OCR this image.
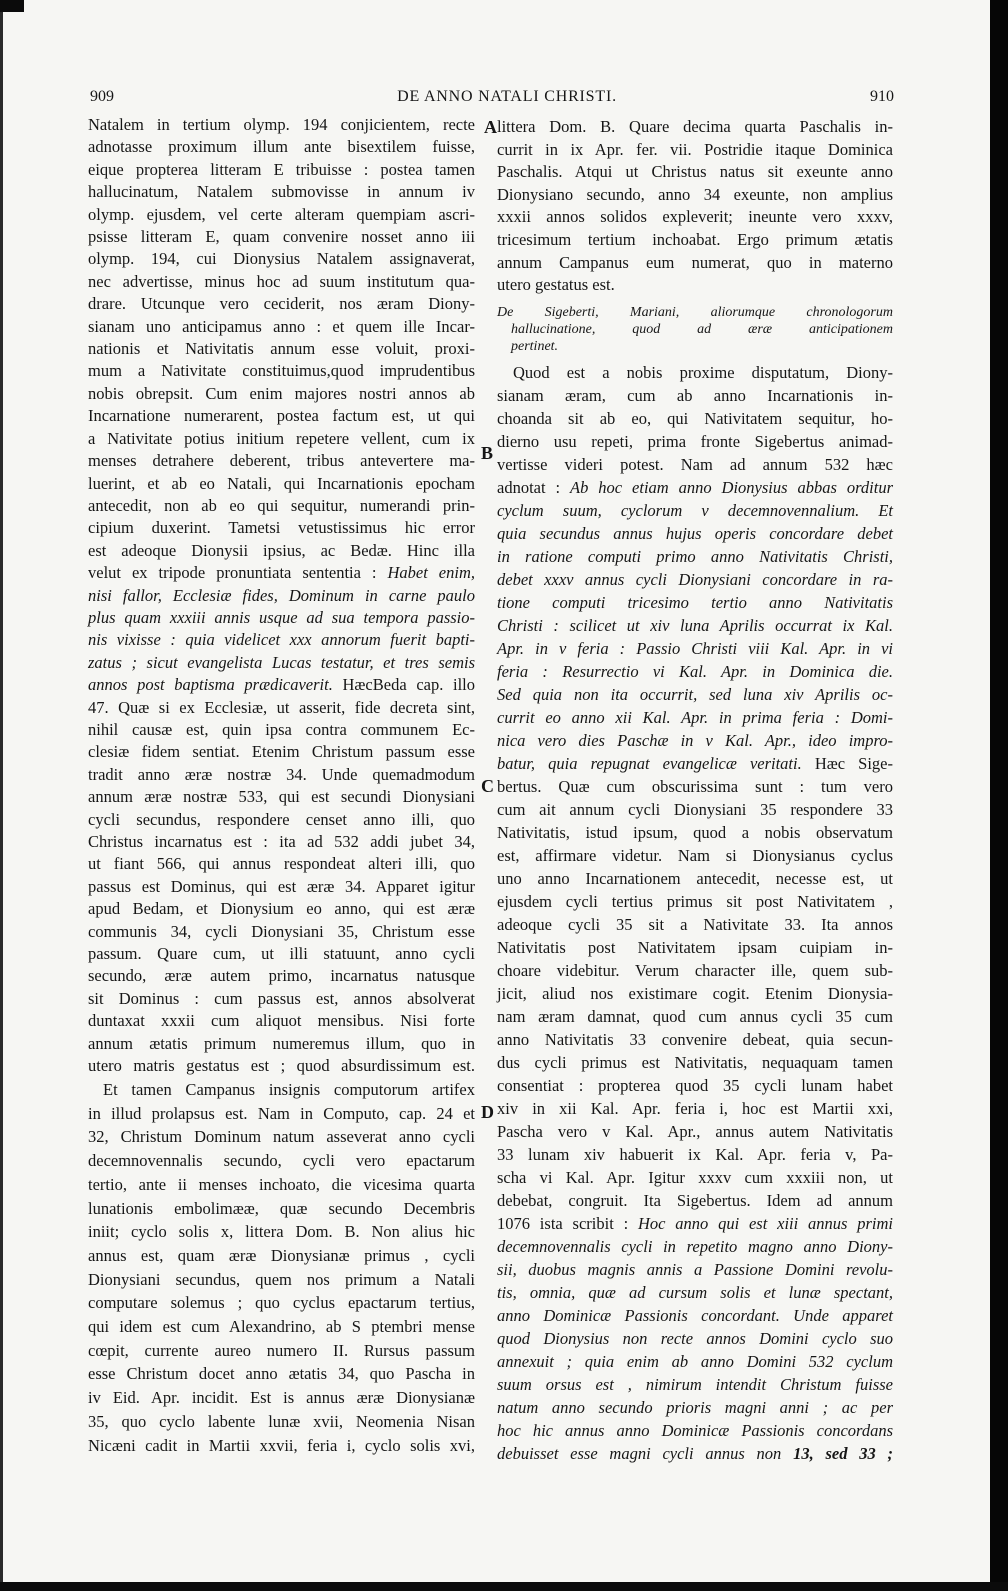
909	DE ANNO NATALI CHRISTI.	910
Natalem in tertium olymp. 194 conjicientem, recte
adnotasse proximum illum ante bisextilem fuisse,
eique propterea litteram E tribuisse : postea tamen
hallucinatum, Natalem submovisse in annum iv
olymp. ejusdem, vel certe alteram quempiam ascri-
psisse litteram E, quam convenire nosset anno iii
olymp. 194, cui Dionysius Natalem assignaverat,
nec advertisse, minus hoc ad suum institutum qua-
drare. Utcunque vero ceciderit, nos æram Diony-
sianam uno anticipamus anno : et quem ille Incar-
nationis et Nativitatis annum esse voluit, proxi-
mum a Nativitate constituimus,quod imprudentibus
nobis obrepsit. Cum enim majores nostri annos ab
Incarnatione numerarent, postea factum est, ut qui
a Nativitate potius initium repetere vellent, cum ix
menses detrahere deberent, tribus antevertere ma-
luerint, et ab eo Natali, qui Incarnationis epocham
antecedit, non ab eo qui sequitur, numerandi prin-
cipium duxerint. Tametsi vetustissimus hic error
est adeoque Dionysii ipsius, ac Bedæ. Hinc illa
velut ex tripode pronuntiata sententia : Habet enim,
nisi fallor, Ecclesiæ fides, Dominum in carne paulo
plus quam xxxiii annis usque ad sua tempora passio-
nis vixisse : quia videlicet xxx annorum fuerit bapti-
zatus ; sicut evangelista Lucas testatur, et tres semis
annos post baptisma prædicaverit. HæcBeda cap. illo
47. Quæ si ex Ecclesiæ, ut asserit, fide decreta sint,
nihil causæ est, quin ipsa contra communem Ec-
clesiæ fidem sentiat. Etenim Christum passum esse
tradit anno æræ nostræ 34. Unde quemadmodum
annum æræ nostræ 533, qui est secundi Dionysiani
cycli secundus, respondere censet anno illi, quo
Christus incarnatus est : ita ad 532 addi jubet 34,
ut fiant 566, qui annus respondeat alteri illi, quo
passus est Dominus, qui est æræ 34. Apparet igitur
apud Bedam, et Dionysium eo anno, qui est æræ
communis 34, cycli Dionysiani 35, Christum esse
passum. Quare cum, ut illi statuunt, anno cycli
secundo, æræ autem primo, incarnatus natusque
sit Dominus : cum passus est, annos absolverat
duntaxat xxxii cum aliquot mensibus. Nisi forte
annum ætatis primum numeremus illum, quo in
utero matris gestatus est ; quod absurdissimum est.
Et tamen Campanus insignis computorum artifex
in illud prolapsus est. Nam in Computo, cap. 24 et
32, Christum Dominum natum asseverat anno cycli
decemnovennalis secundo, cycli vero epactarum
tertio, ante ii menses inchoato, die vicesima quarta
lunationis embolimææ, quæ secundo Decembris
iniit; cyclo solis x, littera Dom. B. Non alius hic
annus est, quam æræ Dionysianæ primus , cycli
Dionysiani secundus, quem nos primum a Natali
computare solemus ; quo cyclus epactarum tertius,
qui idem est cum Alexandrino, ab S ptembri mense
cœpit, currente aureo numero II. Rursus passum
esse Christum docet anno ætatis 34, quo Pascha in
iv Eid. Apr. incidit. Est is annus æræ Dionysianæ
35, quo cyclo labente lunæ xvii, Neomenia Nisan
Nicæni cadit in Martii xxvii, feria i, cyclo solis xvi,
littera Dom. B. Quare decima quarta Paschalis in-
currit in ix Apr. fer. vii. Postridie itaque Dominica
Paschalis. Atqui ut Christus natus sit exeunte anno
Dionysiano secundo, anno 34 exeunte, non amplius
xxxii annos solidos expleverit; ineunte vero xxxv,
tricesimum tertium inchoabat. Ergo primum ætatis
annum Campanus eum numerat, quo in materno
utero gestatus est.
De Sigeberti, Mariani, aliorumque chronologorum
hallucinatione, quod ad æræ anticipationem
pertinet.
Quod est a nobis proxime disputatum, Diony-
sianam æram, cum ab anno Incarnationis in-
choanda sit ab eo, qui Nativitatem sequitur, ho-
dierno usu repeti, prima fronte Sigebertus animad-
vertisse videri potest. Nam ad annum 532 hæc
adnotat : Ab hoc etiam anno Dionysius abbas orditur
cyclum suum, cyclorum v decemnovennalium. Et
quia secundus annus hujus operis concordare debet
in ratione computi primo anno Nativitatis Christi,
debet xxxv annus cycli Dionysiani concordare in ra-
tione computi tricesimo tertio anno Nativitatis
Christi : scilicet ut xiv luna Aprilis occurrat ix Kal.
Apr. in v feria : Passio Christi viii Kal. Apr. in vi
feria : Resurrectio vi Kal. Apr. in Dominica die.
Sed quia non ita occurrit, sed luna xiv Aprilis oc-
currit eo anno xii Kal. Apr. in prima feria : Domi-
nica vero dies Paschæ in v Kal. Apr., ideo impro-
batur, quia repugnat evangelicæ veritati. Hæc Sige-
bertus. Quæ cum obscurissima sunt : tum vero
cum ait annum cycli Dionysiani 35 respondere 33
Nativitatis, istud ipsum, quod a nobis observatum
est, affirmare videtur. Nam si Dionysianus cyclus
uno anno Incarnationem antecedit, necesse est, ut
ejusdem cycli tertius primus sit post Nativitatem ,
adeoque cycli 35 sit a Nativitate 33. Ita annos
Nativitatis post Nativitatem ipsam cuipiam in-
choare videbitur. Verum character ille, quem sub-
jicit, aliud nos existimare cogit. Etenim Dionysia-
nam æram damnat, quod cum annus cycli 35 cum
anno Nativitatis 33 convenire debeat, quia secun-
dus cycli primus est Nativitatis, nequaquam tamen
consentiat : propterea quod 35 cycli lunam habet
xiv in xii Kal. Apr. feria i, hoc est Martii xxi,
Pascha vero v Kal. Apr., annus autem Nativitatis
33 lunam xiv habuerit ix Kal. Apr. feria v, Pa-
scha vi Kal. Apr. Igitur xxxv cum xxxiii non, ut
debebat, congruit. Ita Sigebertus. Idem ad annum
1076 ista scribit : Hoc anno qui est xiii annus primi
decemnovennalis cycli in repetito magno anno Diony-
sii, duobus magnis annis a Passione Domini revolu-
tis, omnia, quæ ad cursum solis et lunæ spectant,
anno Dominicæ Passionis concordant. Unde apparet
quod Dionysius non recte annos Domini cyclo suo
annexuit ; quia enim ab anno Domini 532 cyclum
suum orsus est , nimirum intendit Christum fuisse
natum anno secundo prioris magni anni ; ac per
hoc hic annus anno Dominicæ Passionis concordans
debuisset esse magni cycli annus non 13, sed 33 ;
A
B
C
D
